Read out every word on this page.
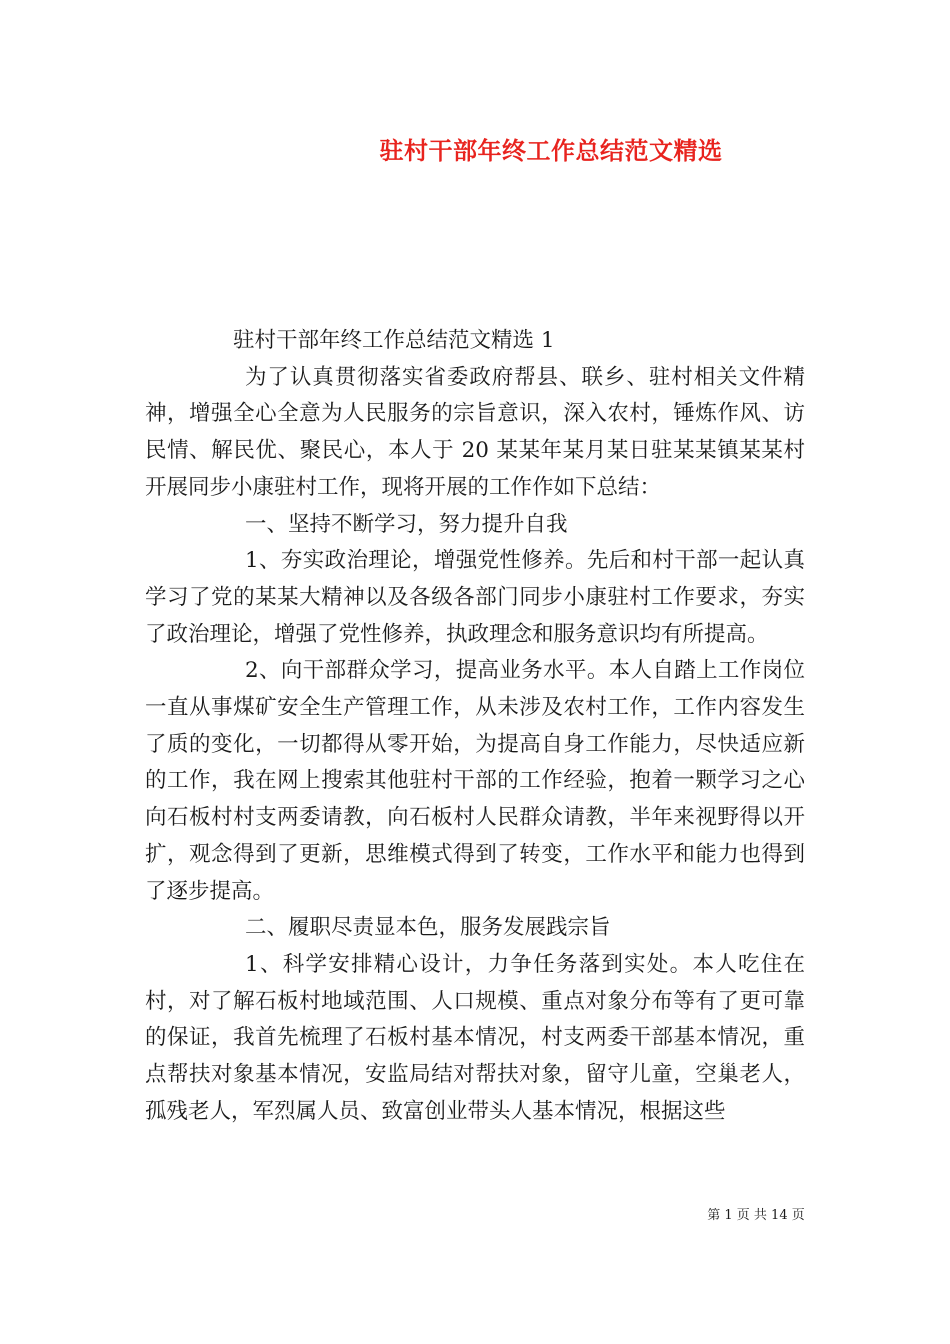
驻村干部年终工作总结范文精选

驻村干部年终工作总结范文精选 1

为了认真贯彻落实省委政府帮县、联乡、驻村相关文件精神，增强全心全意为人民服务的宗旨意识，深入农村，锤炼作风、访民情、解民优、聚民心，本人于 20 某某年某月某日驻某某镇某某村开展同步小康驻村工作，现将开展的工作作如下总结：

一、坚持不断学习，努力提升自我

1、夯实政治理论，增强党性修养。先后和村干部一起认真学习了党的某某大精神以及各级各部门同步小康驻村工作要求，夯实了政治理论，增强了党性修养，执政理念和服务意识均有所提高。

2、向干部群众学习，提高业务水平。本人自踏上工作岗位一直从事煤矿安全生产管理工作，从未涉及农村工作，工作内容发生了质的变化，一切都得从零开始，为提高自身工作能力，尽快适应新的工作，我在网上搜索其他驻村干部的工作经验，抱着一颗学习之心向石板村村支两委请教，向石板村人民群众请教，半年来视野得以开扩，观念得到了更新，思维模式得到了转变，工作水平和能力也得到了逐步提高。

二、履职尽责显本色，服务发展践宗旨

1、科学安排精心设计，力争任务落到实处。本人吃住在村，对了解石板村地域范围、人口规模、重点对象分布等有了更可靠的保证，我首先梳理了石板村基本情况，村支两委干部基本情况，重点帮扶对象基本情况，安监局结对帮扶对象，留守儿童，空巢老人，孤残老人，军烈属人员、致富创业带头人基本情况，根据这些

第 1 页 共 14 页
